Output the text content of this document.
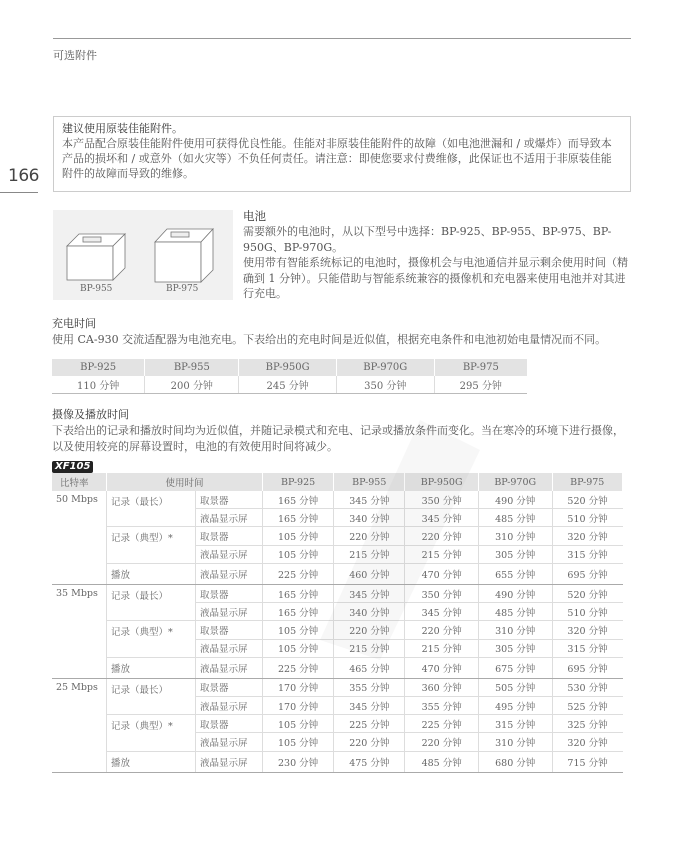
可选附件
166
建议使用原装佳能附件。
本产品配合原装佳能附件使用可获得优良性能。佳能对非原装佳能附件的故障（如电池泄漏和 / 或爆炸）而导致本产品的损坏和 / 或意外（如火灾等）不负任何责任。请注意：即使您要求付费维修，此保证也不适用于非原装佳能附件的故障而导致的维修。
BP-955	BP-975
电池
需要额外的电池时，从以下型号中选择：BP-925、BP-955、BP-975、BP-950G、BP-970G。
使用带有智能系统标记的电池时，摄像机会与电池通信并显示剩余使用时间（精确到 1 分钟）。只能借助与智能系统兼容的摄像机和充电器来使用电池并对其进行充电。
充电时间
使用 CA-930 交流适配器为电池充电。下表给出的充电时间是近似值，根据充电条件和电池初始电量情况而不同。
BP-925	BP-955	BP-950G	BP-970G	BP-975
110 分钟	200 分钟	245 分钟	350 分钟	295 分钟
摄像及播放时间
下表给出的记录和播放时间均为近似值，并随记录模式和充电、记录或播放条件而变化。当在寒冷的环境下进行摄像，以及使用较亮的屏幕设置时，电池的有效使用时间将减少。
XF105
比特率	使用时间		BP-925	BP-955	BP-950G	BP-970G	BP-975
50 Mbps	记录（最长）	取景器	165 分钟	345 分钟	350 分钟	490 分钟	520 分钟
		液晶显示屏	165 分钟	340 分钟	345 分钟	485 分钟	510 分钟
	记录（典型）*	取景器	105 分钟	220 分钟	220 分钟	310 分钟	320 分钟
		液晶显示屏	105 分钟	215 分钟	215 分钟	305 分钟	315 分钟
	播放	液晶显示屏	225 分钟	460 分钟	470 分钟	655 分钟	695 分钟
35 Mbps	记录（最长）	取景器	165 分钟	345 分钟	350 分钟	490 分钟	520 分钟
		液晶显示屏	165 分钟	340 分钟	345 分钟	485 分钟	510 分钟
	记录（典型）*	取景器	105 分钟	220 分钟	220 分钟	310 分钟	320 分钟
		液晶显示屏	105 分钟	215 分钟	215 分钟	305 分钟	315 分钟
	播放	液晶显示屏	225 分钟	465 分钟	470 分钟	675 分钟	695 分钟
25 Mbps	记录（最长）	取景器	170 分钟	355 分钟	360 分钟	505 分钟	530 分钟
		液晶显示屏	170 分钟	345 分钟	355 分钟	495 分钟	525 分钟
	记录（典型）*	取景器	105 分钟	225 分钟	225 分钟	315 分钟	325 分钟
		液晶显示屏	105 分钟	220 分钟	220 分钟	310 分钟	320 分钟
	播放	液晶显示屏	230 分钟	475 分钟	485 分钟	680 分钟	715 分钟
